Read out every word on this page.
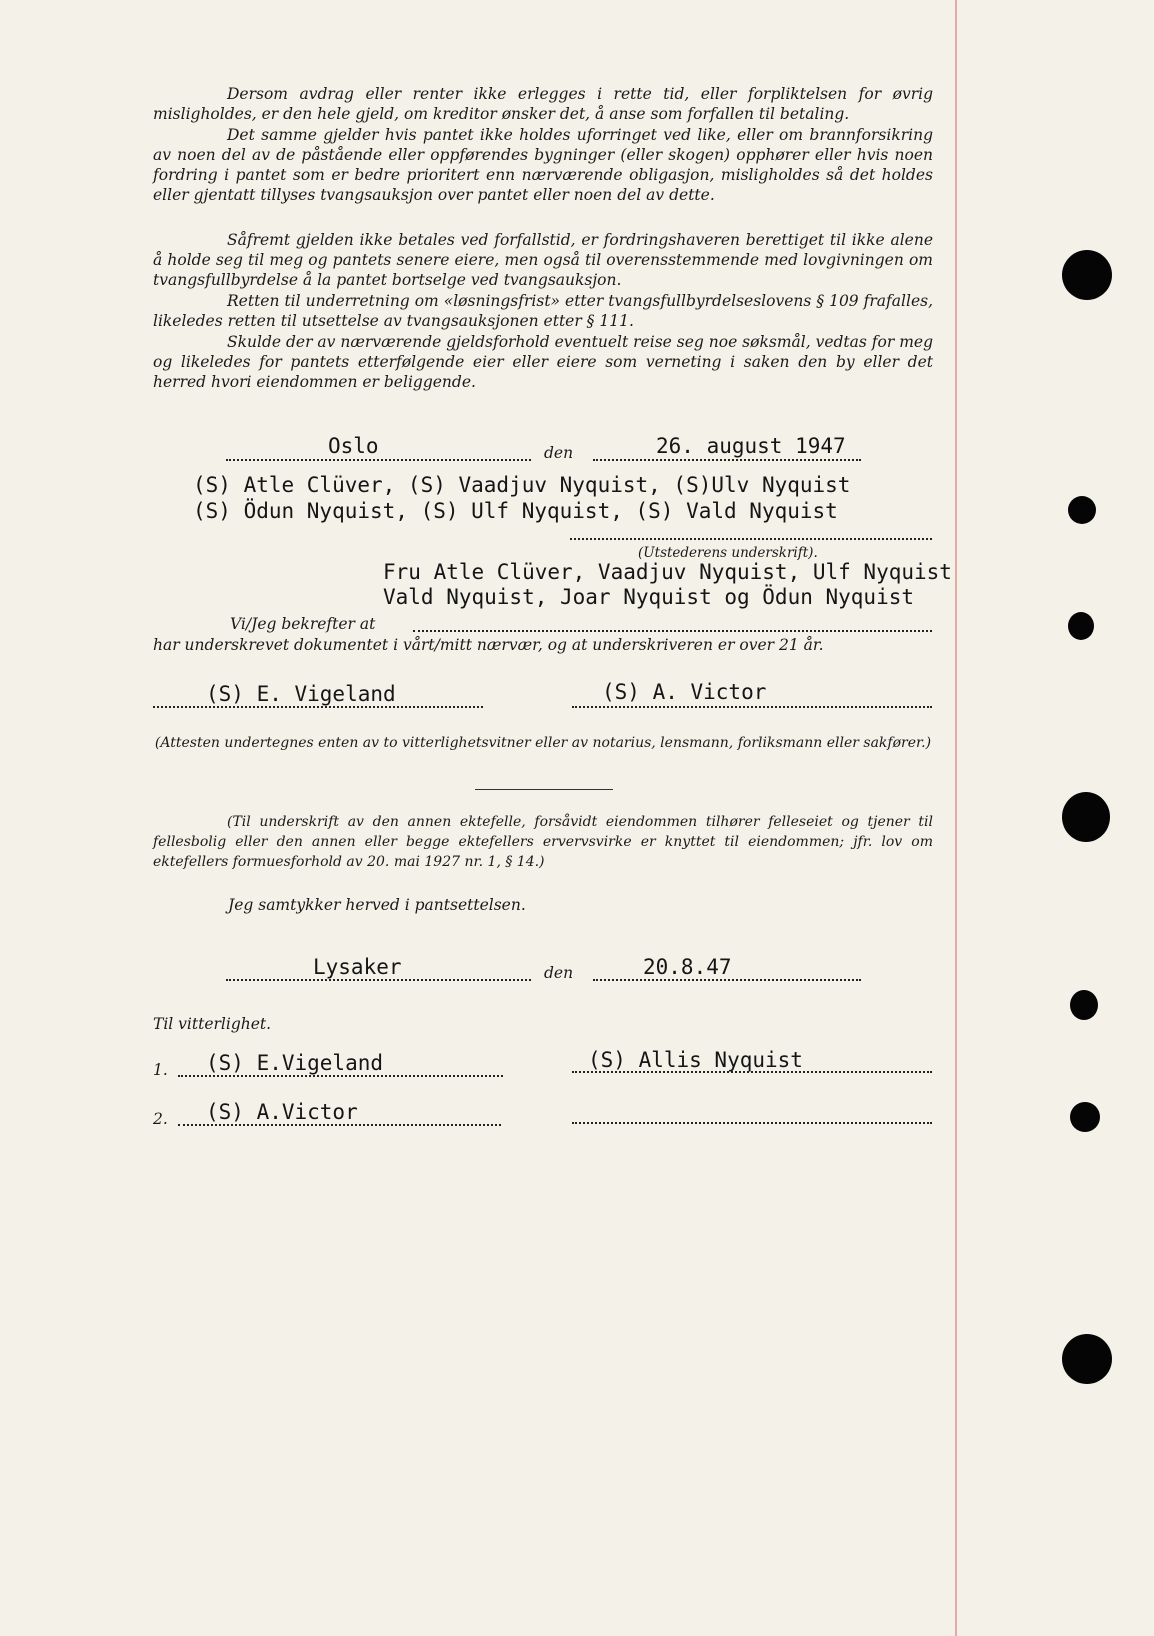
Dersom avdrag eller renter ikke erlegges i rette tid, eller forpliktelsen for øvrig misligholdes, er den hele gjeld, om kreditor ønsker det, å anse som forfallen til betaling.

Det samme gjelder hvis pantet ikke holdes uforringet ved like, eller om brannforsikring av noen del av de påstående eller oppførendes bygninger (eller skogen) opphører eller hvis noen fordring i pantet som er bedre prioritert enn nærværende obligasjon, misligholdes så det holdes eller gjentatt tillyses tvangsauksjon over pantet eller noen del av dette.

Såfremt gjelden ikke betales ved forfallstid, er fordringshaveren berettiget til ikke alene å holde seg til meg og pantets senere eiere, men også til overensstemmende med lovgivningen om tvangsfullbyrdelse å la pantet bortselge ved tvangsauksjon.

Retten til underretning om «løsningsfrist» etter tvangsfullbyrdelseslovens § 109 frafalles, likeledes retten til utsettelse av tvangsauksjonen etter § 111.

Skulde der av nærværende gjeldsforhold eventuelt reise seg noe søksmål, vedtas for meg og likeledes for pantets etterfølgende eier eller eiere som verneting i saken den by eller det herred hvori eiendommen er beliggende.

Oslo	den	26. august 1947
(S) Atle Clüver, (S) Vaadjuv Nyquist, (S)Ulv Nyquist
(S) Ödun Nyquist, (S) Ulf Nyquist, (S) Vald Nyquist
(Utstederens underskrift).
Fru Atle Clüver, Vaadjuv Nyquist, Ulf Nyquist
Vald Nyquist, Joar Nyquist og Ödun Nyquist
Vi/Jeg bekrefter at
har underskrevet dokumentet i vårt/mitt nærvær, og at underskriveren er over 21 år.
(S) E. Vigeland	(S) A. Victor

(Attesten undertegnes enten av to vitterlighetsvitner eller av notarius, lensmann, forliksmann eller sakfører.)

(Til underskrift av den annen ektefelle, forsåvidt eiendommen tilhører felleseiet og tjener til fellesbolig eller den annen eller begge ektefellers ervervsvirke er knyttet til eiendommen; jfr. lov om ektefellers formuesforhold av 20. mai 1927 nr. 1, § 14.)

Jeg samtykker herved i pantsettelsen.
Lysaker	den	20.8.47
Til vitterlighet.
1. (S) E.Vigeland	(S) Allis Nyquist
2. (S) A.Victor
